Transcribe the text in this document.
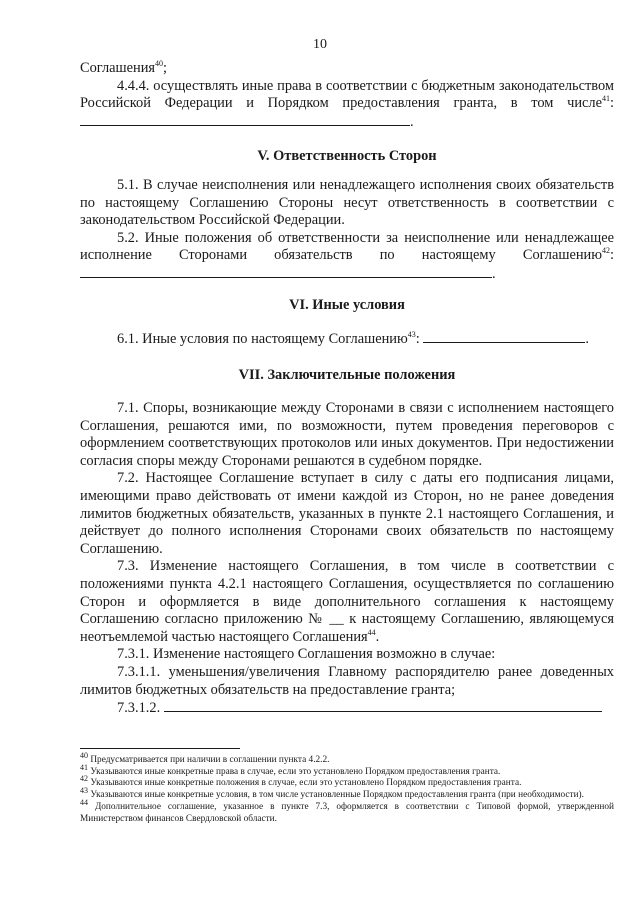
10

Соглашения$^{40}$;

4.4.4. осуществлять иные права в соответствии с бюджетным законодательством Российской Федерации и Порядком предоставления гранта, в том числе$^{41}$: .

V. Ответственность Сторон

5.1. В случае неисполнения или ненадлежащего исполнения своих обязательств по настоящему Соглашению Стороны несут ответственность в соответствии с законодательством Российской Федерации.

5.2. Иные положения об ответственности за неисполнение или ненадлежащее исполнение Сторонами обязательств по настоящему Соглашению$^{42}$: .

VI. Иные условия

6.1. Иные условия по настоящему Соглашению$^{43}$:	.

VII. Заключительные положения

7.1. Споры, возникающие между Сторонами в связи с исполнением настоящего Соглашения, решаются ими, по возможности, путем проведения переговоров с оформлением соответствующих протоколов или иных документов. При недостижении согласия споры между Сторонами решаются в судебном порядке.

7.2. Настоящее Соглашение вступает в силу с даты его подписания лицами, имеющими право действовать от имени каждой из Сторон, но не ранее доведения лимитов бюджетных обязательств, указанных в пункте 2.1 настоящего Соглашения, и действует до полного исполнения Сторонами своих обязательств по настоящему Соглашению.

7.3. Изменение настоящего Соглашения, в том числе в соответствии с положениями пункта 4.2.1 настоящего Соглашения, осуществляется по соглашению Сторон и оформляется в виде дополнительного соглашения к настоящему Соглашению согласно приложению № __ к настоящему Соглашению, являющемуся неотъемлемой частью настоящего Соглашения$^{44}$.

7.3.1. Изменение настоящего Соглашения возможно в случае:

7.3.1.1. уменьшения/увеличения Главному распорядителю ранее доведенных лимитов бюджетных обязательств на предоставление гранта;

7.3.1.2.

$^{40}$ Предусматривается при наличии в соглашении пункта 4.2.2.

$^{41}$ Указываются иные конкретные права в случае, если это установлено Порядком предоставления гранта.

$^{42}$ Указываются иные конкретные положения в случае, если это установлено Порядком предоставления гранта.

$^{43}$ Указываются иные конкретные условия, в том числе установленные Порядком предоставления гранта (при необходимости).

$^{44}$ Дополнительное соглашение, указанное в пункте 7.3, оформляется в соответствии с Типовой формой, утвержденной Министерством финансов Свердловской области.
